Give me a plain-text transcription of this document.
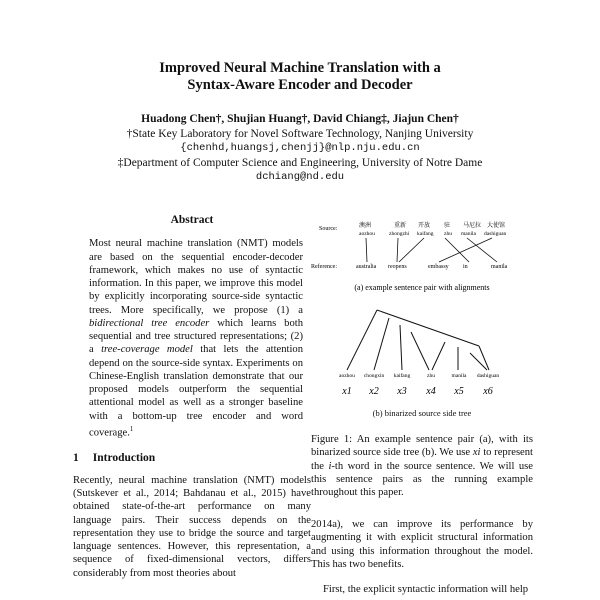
Improved Neural Machine Translation with a
Syntax-Aware Encoder and Decoder
Huadong Chen†, Shujian Huang†, David Chiang‡, Jiajun Chen†
†State Key Laboratory for Novel Software Technology, Nanjing University
{chenhd,huangsj,chenjj}@nlp.nju.edu.cn
‡Department of Computer Science and Engineering, University of Notre Dame
dchiang@nd.edu
Abstract
Most neural machine translation (NMT) models are based on the sequential encoder-decoder framework, which makes no use of syntactic information. In this paper, we improve this model by explicitly incorporating source-side syntactic trees. More specifically, we propose (1) a bidirectional tree encoder which learns both sequential and tree structured representations; (2) a tree-coverage model that lets the attention depend on the source-side syntax. Experiments on Chinese-English translation demonstrate that our proposed models outperform the sequential attentional model as well as a stronger baseline with a bottom-up tree encoder and word coverage.$^1$
1 Introduction
Recently, neural machine translation (NMT) models (Sutskever et al., 2014; Bahdanau et al., 2015) have obtained state-of-the-art performance on many language pairs. Their success depends on the representation they use to bridge the source and target language sentences. However, this representation, a sequence of fixed-dimensional vectors, differs considerably from most theories about
Source:
Reference:
澳洲	重新 开放 驻 马尼拉 大使馆
aozhou	zhongzhi kaifang zhu manila dashiguan
australia reopens	embassy in	manila
(a) example sentence pair with alignments
aozhou chongxin kaifang	zhu	manila dashiguan
x1 x2 x3 x4 x5 x6
(b) binarized source side tree
Figure 1: An example sentence pair (a), with its binarized source side tree (b). We use xi to represent the i-th word in the source sentence. We will use this sentence pairs as the running example throughout this paper.
2014a), we can improve its performance by augmenting it with explicit structural information and using this information throughout the model. This has two benefits.
First, the explicit syntactic information will help
